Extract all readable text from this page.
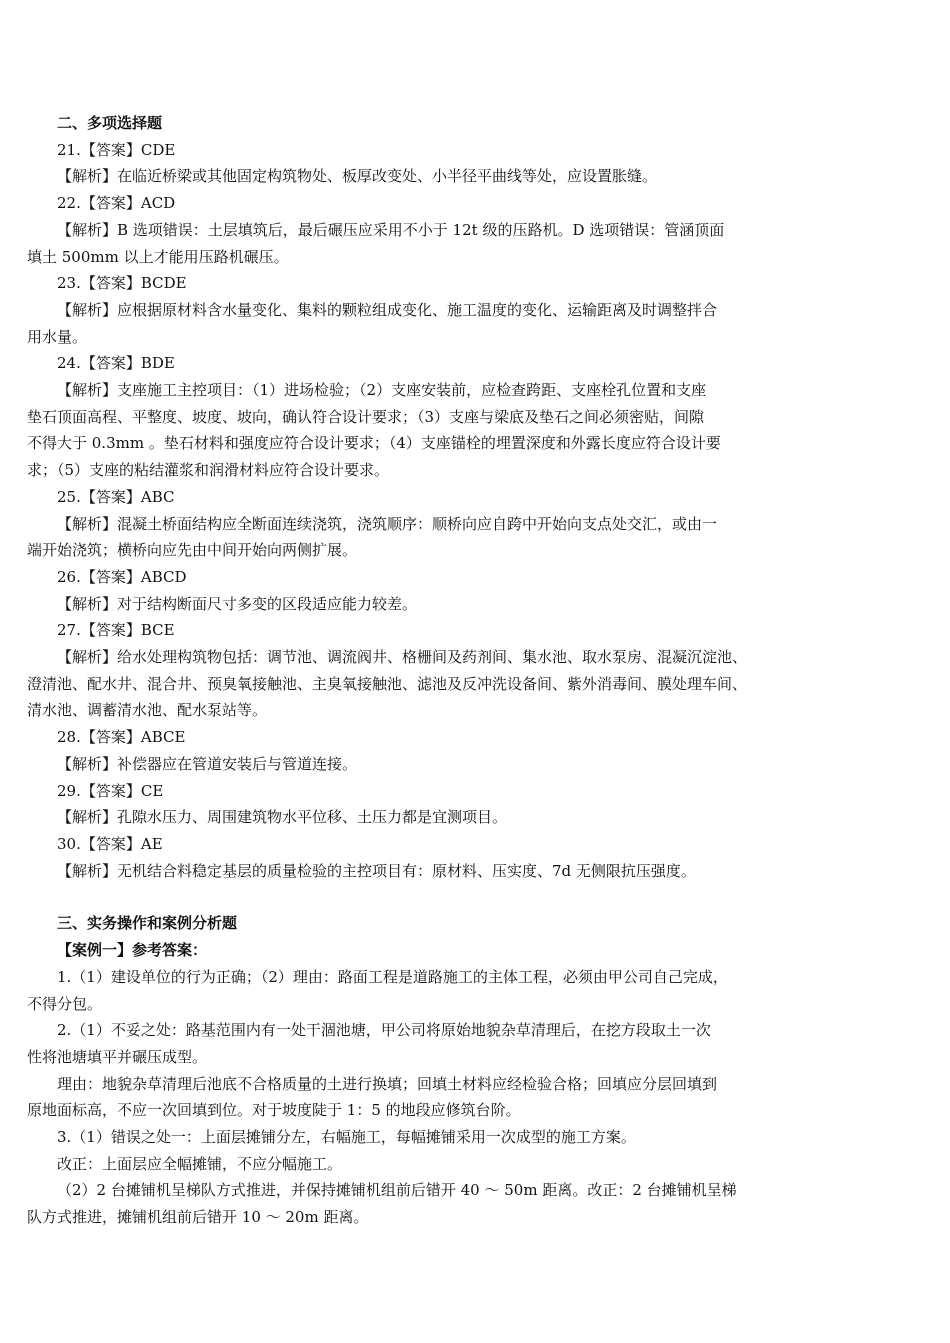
二、多项选择题

21.【答案】CDE

【解析】在临近桥梁或其他固定构筑物处、板厚改变处、小半径平曲线等处，应设置胀缝。

22.【答案】ACD

【解析】B 选项错误：土层填筑后，最后碾压应采用不小于 12t 级的压路机。D 选项错误：管涵顶面

填土 500mm 以上才能用压路机碾压。

23.【答案】BCDE

【解析】应根据原材料含水量变化、集料的颗粒组成变化、施工温度的变化、运输距离及时调整拌合

用水量。

24.【答案】BDE

【解析】支座施工主控项目：（1）进场检验；（2）支座安装前，应检查跨距、支座栓孔位置和支座

垫石顶面高程、平整度、坡度、坡向，确认符合设计要求；（3）支座与梁底及垫石之间必须密贴，间隙

不得大于 0.3mm 。垫石材料和强度应符合设计要求；（4）支座锚栓的埋置深度和外露长度应符合设计要

求；（5）支座的粘结灌浆和润滑材料应符合设计要求。

25.【答案】ABC

【解析】混凝土桥面结构应全断面连续浇筑，浇筑顺序：顺桥向应自跨中开始向支点处交汇，或由一

端开始浇筑；横桥向应先由中间开始向两侧扩展。

26.【答案】ABCD

【解析】对于结构断面尺寸多变的区段适应能力较差。

27.【答案】BCE

【解析】给水处理构筑物包括：调节池、调流阀井、格栅间及药剂间、集水池、取水泵房、混凝沉淀池、

澄清池、配水井、混合井、预臭氧接触池、主臭氧接触池、滤池及反冲洗设备间、紫外消毒间、膜处理车间、

清水池、调蓄清水池、配水泵站等。

28.【答案】ABCE

【解析】补偿器应在管道安装后与管道连接。

29.【答案】CE

【解析】孔隙水压力、周围建筑物水平位移、土压力都是宜测项目。

30.【答案】AE

【解析】无机结合料稳定基层的质量检验的主控项目有：原材料、压实度、7d 无侧限抗压强度。

三、实务操作和案例分析题

【案例一】参考答案：

1.（1）建设单位的行为正确；（2）理由：路面工程是道路施工的主体工程，必须由甲公司自己完成，

不得分包。

2.（1）不妥之处：路基范围内有一处干涸池塘，甲公司将原始地貌杂草清理后，在挖方段取土一次

性将池塘填平并碾压成型。

理由：地貌杂草清理后池底不合格质量的土进行换填；回填土材料应经检验合格；回填应分层回填到

原地面标高，不应一次回填到位。对于坡度陡于 1：5 的地段应修筑台阶。

3.（1）错误之处一：上面层摊铺分左，右幅施工，每幅摊铺采用一次成型的施工方案。

改正：上面层应全幅摊铺，不应分幅施工。

（2）2 台摊铺机呈梯队方式推进，并保持摊铺机组前后错开 40 ～ 50m 距离。改正：2 台摊铺机呈梯

队方式推进，摊铺机组前后错开 10 ～ 20m 距离。
